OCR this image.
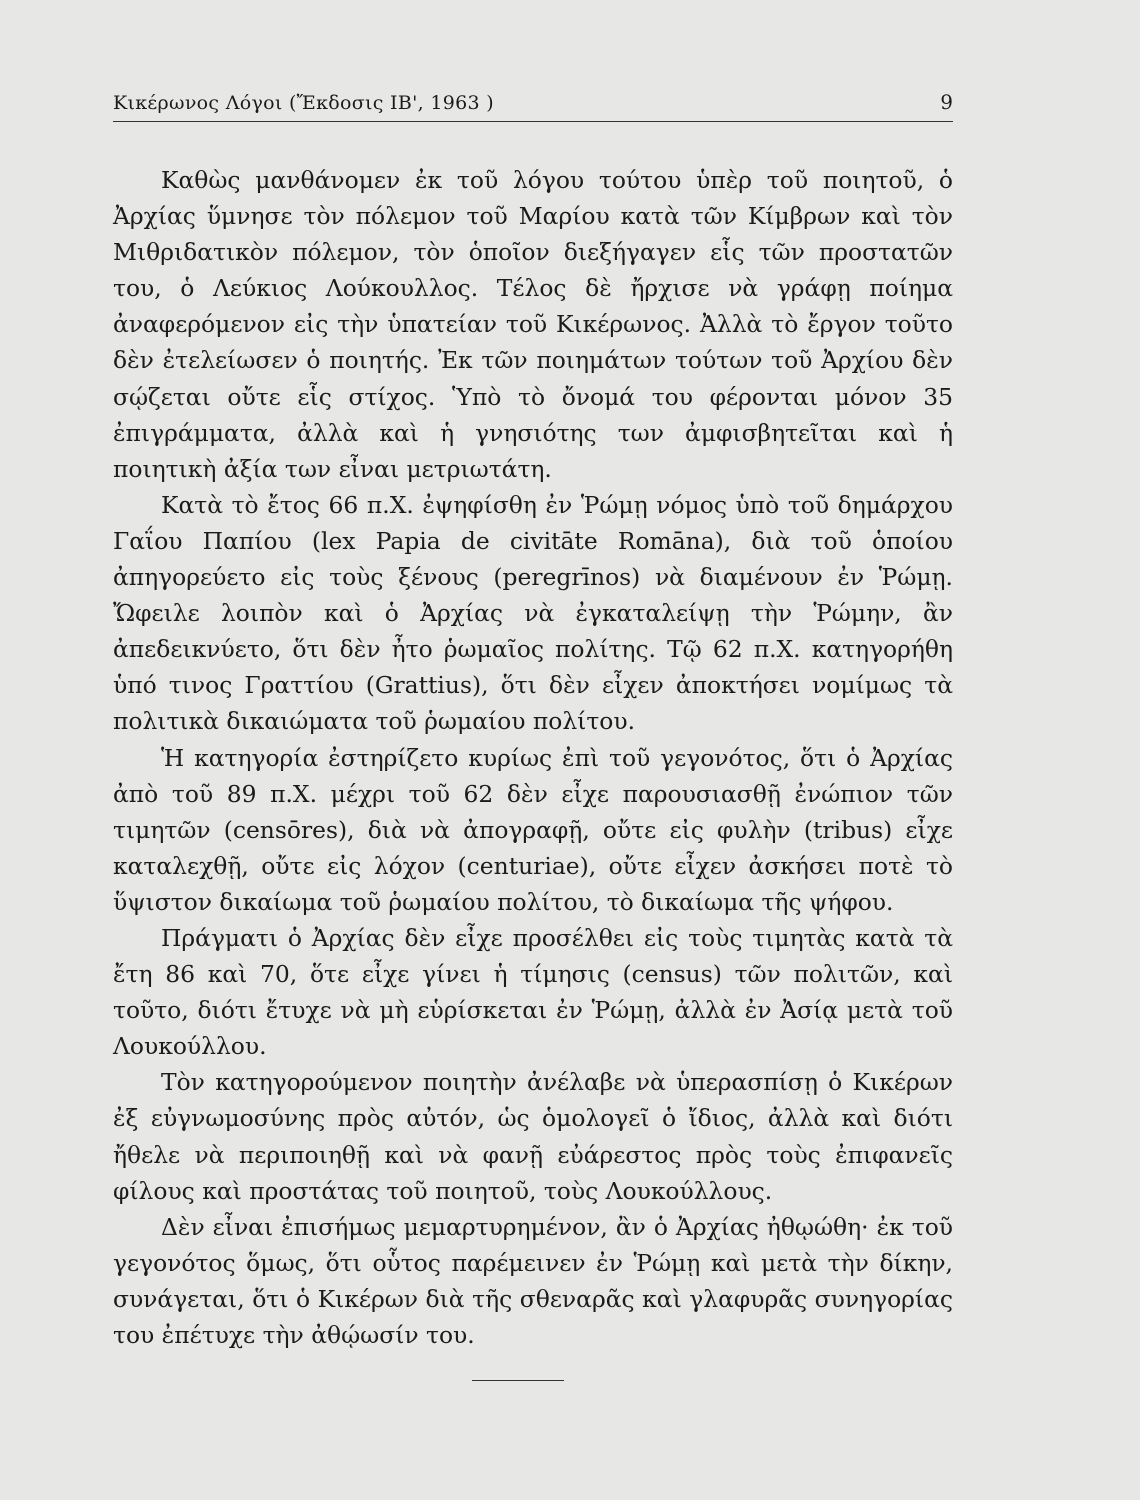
Κικέρωνος Λόγοι (Ἔκδοσις ΙΒ', 1963 )	9

Καθὼς μανθάνομεν ἐκ τοῦ λόγου τούτου ὑπὲρ τοῦ ποιητοῦ, ὁ Ἀρχίας ὕμνησε τὸν πόλεμον τοῦ Μαρίου κατὰ τῶν Κίμβρων καὶ τὸν Μιθριδατικὸν πόλεμον, τὸν ὁποῖον διεξήγαγεν εἷς τῶν προστατῶν του, ὁ Λεύκιος Λούκουλλος. Τέλος δὲ ἤρχισε νὰ γράφῃ ποίημα ἀναφερόμενον εἰς τὴν ὑπατείαν τοῦ Κικέρωνος. Ἀλλὰ τὸ ἔργον τοῦτο δὲν ἐτελείωσεν ὁ ποιητής. Ἐκ τῶν ποιημάτων τούτων τοῦ Ἀρχίου δὲν σῴζεται οὔτε εἷς στίχος. Ὑπὸ τὸ ὄνομά του φέρονται μόνον 35 ἐπιγράμματα, ἀλλὰ καὶ ἡ γνησιότης των ἀμφισβητεῖται καὶ ἡ ποιητικὴ ἀξία των εἶναι μετριωτάτη.

Κατὰ τὸ ἔτος 66 π.Χ. ἐψηφίσθη ἐν Ῥώμῃ νόμος ὑπὸ τοῦ δημάρχου Γαΐου Παπίου (lex Papia de civitāte Romāna), διὰ τοῦ ὁποίου ἀπηγορεύετο εἰς τοὺς ξένους (peregrīnos) νὰ διαμένουν ἐν Ῥώμῃ. Ὤφειλε λοιπὸν καὶ ὁ Ἀρχίας νὰ ἐγκαταλείψῃ τὴν Ῥώμην, ἂν ἀπεδεικνύετο, ὅτι δὲν ἦτο ῥωμαῖος πολίτης. Τῷ 62 π.Χ. κατηγορήθη ὑπό τινος Γραττίου (Grattius), ὅτι δὲν εἶχεν ἀποκτήσει νομίμως τὰ πολιτικὰ δικαιώματα τοῦ ῥωμαίου πολίτου.

Ἡ κατηγορία ἐστηρίζετο κυρίως ἐπὶ τοῦ γεγονότος, ὅτι ὁ Ἀρχίας ἀπὸ τοῦ 89 π.Χ. μέχρι τοῦ 62 δὲν εἶχε παρουσιασθῇ ἐνώπιον τῶν τιμητῶν (censōres), διὰ νὰ ἀπογραφῇ, οὔτε εἰς φυλὴν (tribus) εἶχε καταλεχθῇ, οὔτε εἰς λόχον (centuriae), οὔτε εἶχεν ἀσκήσει ποτὲ τὸ ὕψιστον δικαίωμα τοῦ ῥωμαίου πολίτου, τὸ δικαίωμα τῆς ψήφου.

Πράγματι ὁ Ἀρχίας δὲν εἶχε προσέλθει εἰς τοὺς τιμητὰς κατὰ τὰ ἔτη 86 καὶ 70, ὅτε εἶχε γίνει ἡ τίμησις (census) τῶν πολιτῶν, καὶ τοῦτο, διότι ἔτυχε νὰ μὴ εὑρίσκεται ἐν Ῥώμῃ, ἀλλὰ ἐν Ἀσίᾳ μετὰ τοῦ Λουκούλλου.

Τὸν κατηγορούμενον ποιητὴν ἀνέλαβε νὰ ὑπερασπίσῃ ὁ Κικέρων ἐξ εὐγνωμοσύνης πρὸς αὐτόν, ὡς ὁμολογεῖ ὁ ἴδιος, ἀλλὰ καὶ διότι ἤθελε νὰ περιποιηθῇ καὶ νὰ φανῇ εὐάρεστος πρὸς τοὺς ἐπιφανεῖς φίλους καὶ προστάτας τοῦ ποιητοῦ, τοὺς Λουκούλλους.

Δὲν εἶναι ἐπισήμως μεμαρτυρημένον, ἂν ὁ Ἀρχίας ἠθῳώθη· ἐκ τοῦ γεγονότος ὅμως, ὅτι οὗτος παρέμεινεν ἐν Ῥώμῃ καὶ μετὰ τὴν δίκην, συνάγεται, ὅτι ὁ Κικέρων διὰ τῆς σθεναρᾶς καὶ γλαφυρᾶς συνηγορίας του ἐπέτυχε τὴν ἀθῴωσίν του.
